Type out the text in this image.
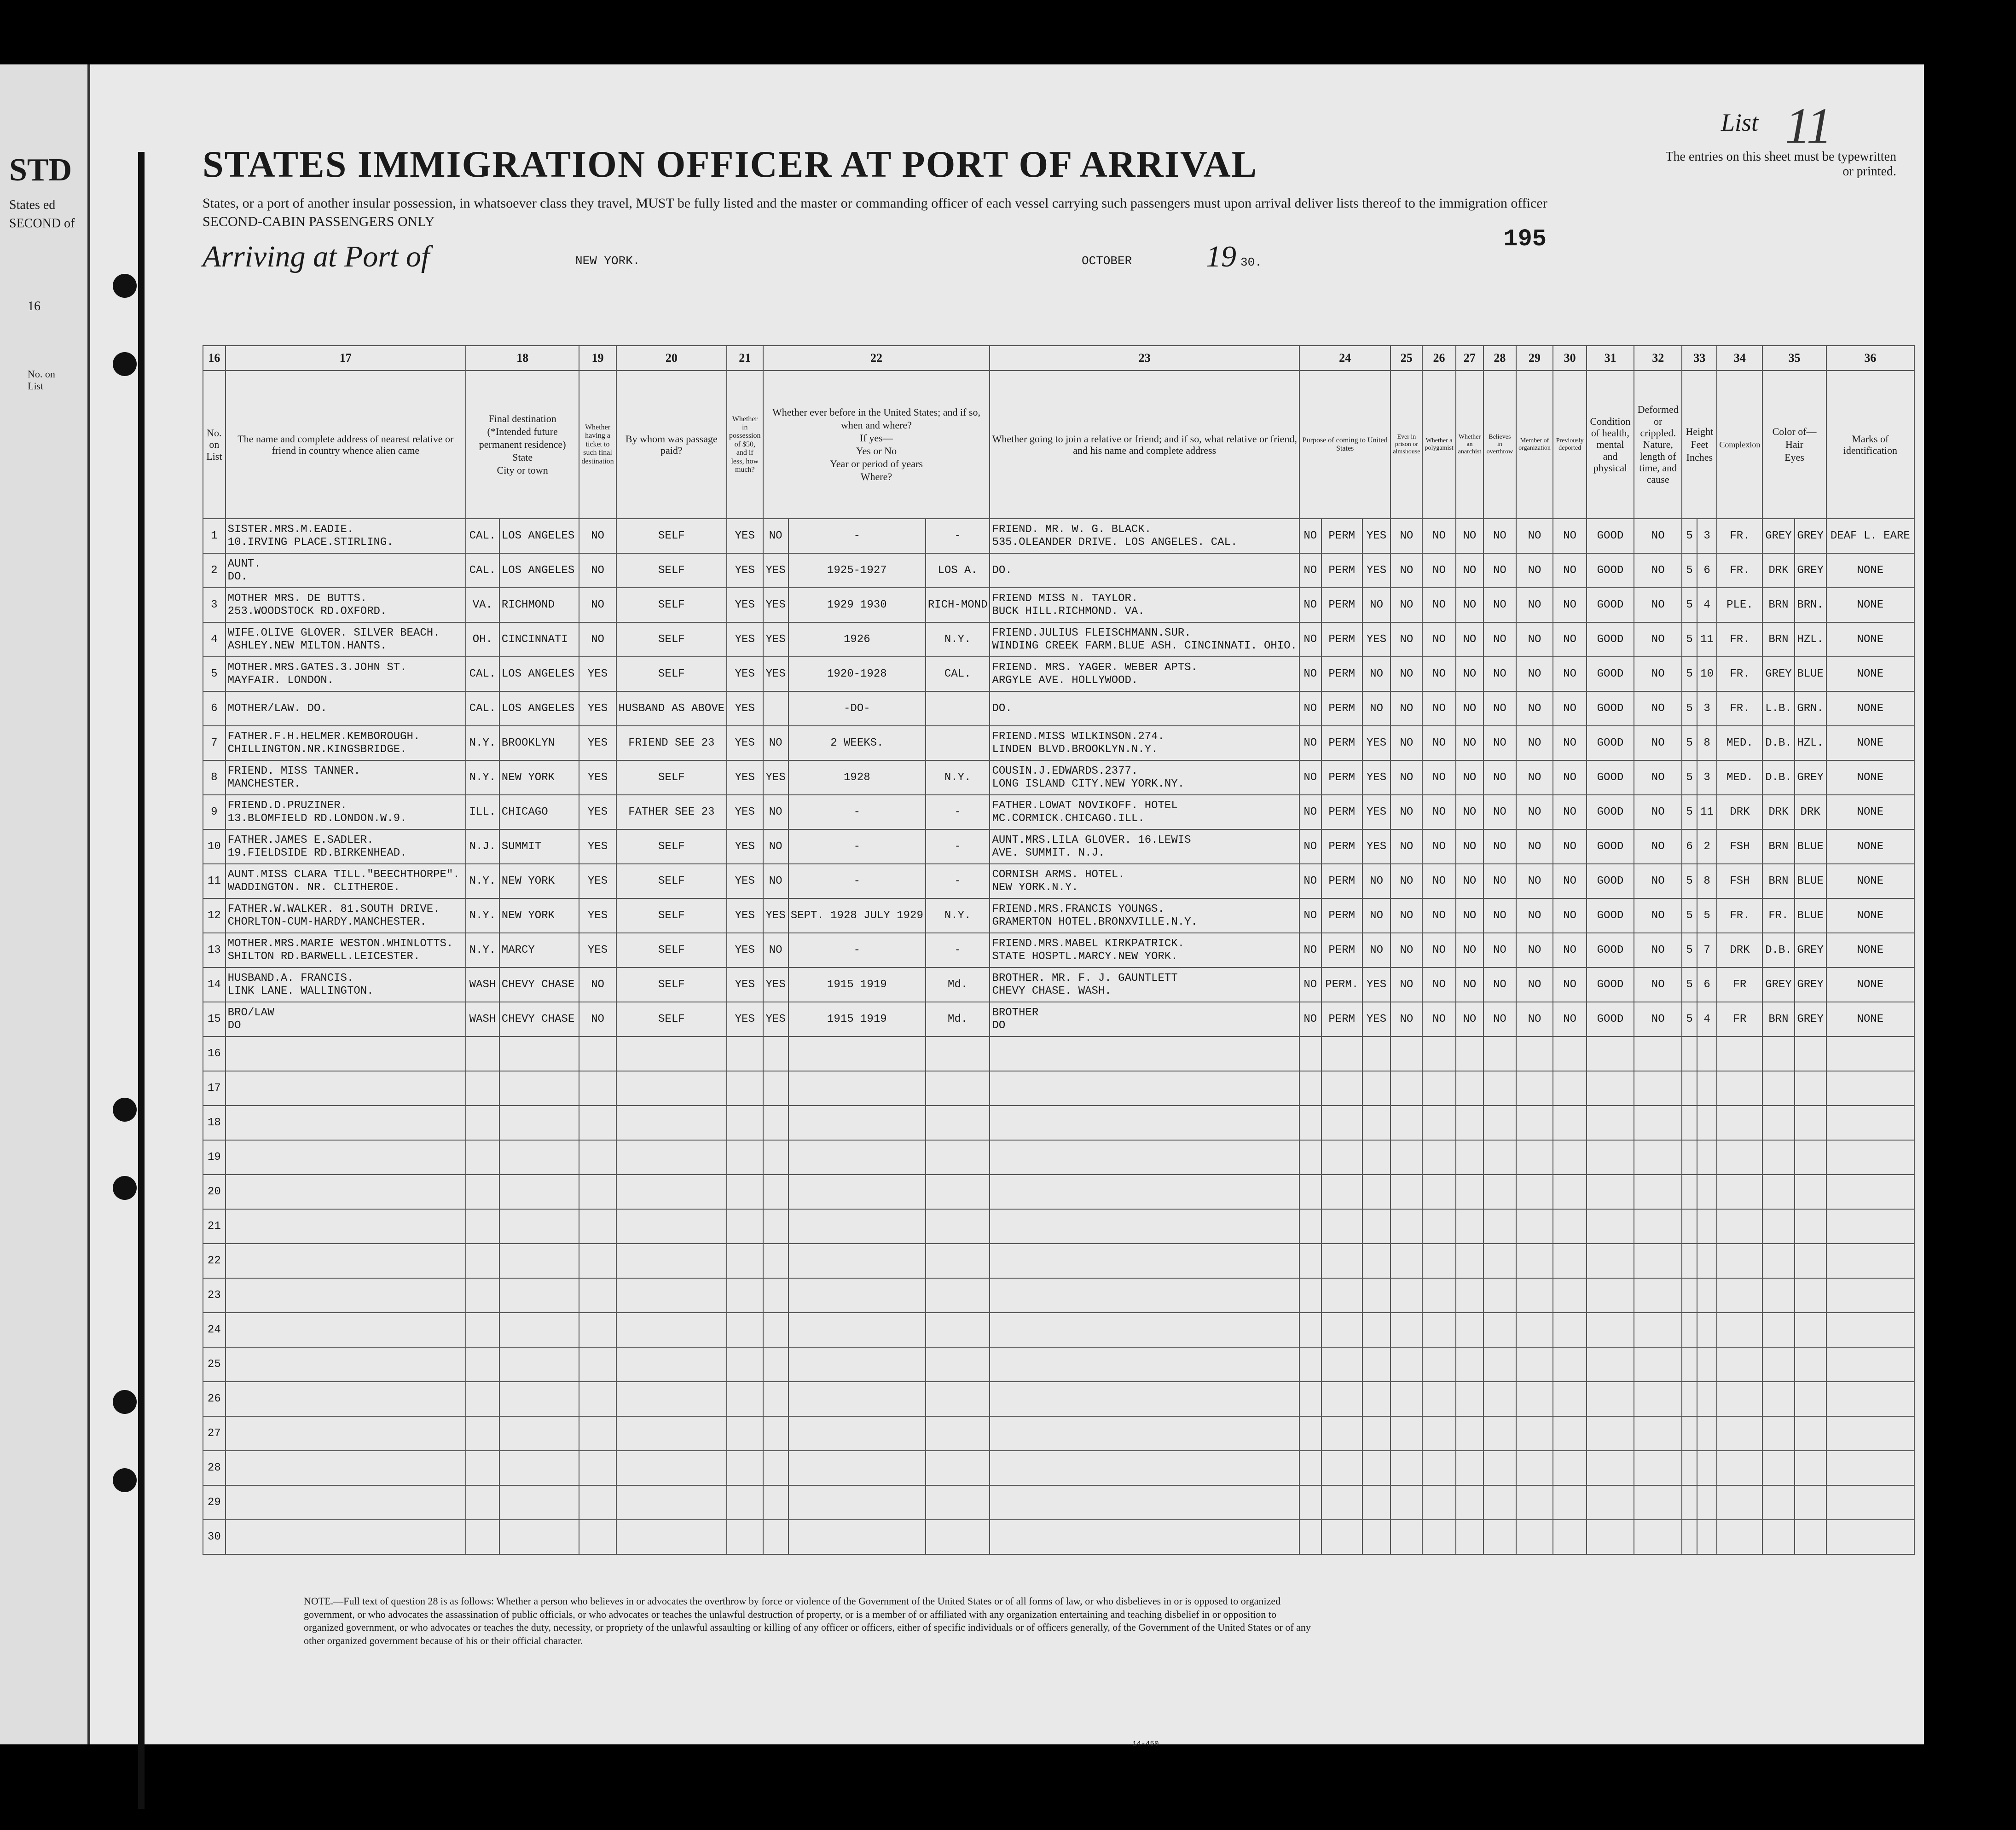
STD
States ed
SECOND of
16
No. on List
STATES IMMIGRATION OFFICER AT PORT OF ARRIVAL
States, or a port of another insular possession, in whatsoever class they travel, MUST be fully listed and the master or commanding officer of each vessel carrying such passengers must upon arrival deliver lists thereof to the immigration officer
SECOND-CABIN PASSENGERS ONLY
Arriving at Port of	NEW YORK.	OCTOBER 19 30.
List 11
The entries on this sheet must be typewritten or printed.
195
16	17	18		19	20	21	22			23	24			25	26	27	28	29	30	31	32	33		34	35		36
No. on List	The name and complete address of nearest relative or friend in country whence alien came	Final destination (*Intended future permanent residence)
State
City or town		Whether having a ticket to such final destination	By whom was passage paid?	Whether in possession of $50, and if less, how much?	Whether ever before in the United States; and if so, when and where?
If yes—
Yes or No
Year or period of years
Where?			Whether going to join a relative or friend; and if so, what relative or friend, and his name and complete address	Purpose of coming to United States			Ever in prison or almshouse	Whether a polygamist	Whether an anarchist	Believes in overthrow	Member of organization	Previously deported	Condition of health, mental and physical	Deformed or crippled. Nature, length of time, and cause	Height
Feet
Inches		Complexion	Color of—
Hair
Eyes		Marks of identification
1	SISTER.MRS.M.EADIE.
10.IRVING PLACE.STIRLING.	CAL.	LOS ANGELES	NO	SELF	YES	NO	-	-	FRIEND. MR. W. G. BLACK.
535.OLEANDER DRIVE. LOS ANGELES. CAL.	NO	PERM	YES	NO	NO	NO	NO	NO	NO	GOOD	NO	5	3	FR.	GREY	GREY	DEAF L. EARE
2	AUNT.
DO.	CAL.	LOS ANGELES	NO	SELF	YES	YES	1925-1927	LOS A.	DO.	NO	PERM	YES	NO	NO	NO	NO	NO	NO	GOOD	NO	5	6	FR.	DRK	GREY	NONE
3	MOTHER MRS. DE BUTTS.
253.WOODSTOCK RD.OXFORD.	VA.	RICHMOND	NO	SELF	YES	YES	1929 1930	RICH-MOND	FRIEND MISS N. TAYLOR.
BUCK HILL.RICHMOND. VA.	NO	PERM	NO	NO	NO	NO	NO	NO	NO	GOOD	NO	5	4	PLE.	BRN	BRN.	NONE
4	WIFE.OLIVE GLOVER. SILVER BEACH.
ASHLEY.NEW MILTON.HANTS.	OH.	CINCINNATI	NO	SELF	YES	YES	1926	N.Y.	FRIEND.JULIUS FLEISCHMANN.SUR.
WINDING CREEK FARM.BLUE ASH. CINCINNATI. OHIO.	NO	PERM	YES	NO	NO	NO	NO	NO	NO	GOOD	NO	5	11	FR.	BRN	HZL.	NONE
5	MOTHER.MRS.GATES.3.JOHN ST.
MAYFAIR. LONDON.	CAL.	LOS ANGELES	YES	SELF	YES	YES	1920-1928	CAL.	FRIEND. MRS. YAGER. WEBER APTS.
ARGYLE AVE. HOLLYWOOD.	NO	PERM	NO	NO	NO	NO	NO	NO	NO	GOOD	NO	5	10	FR.	GREY	BLUE	NONE
6	MOTHER/LAW. DO.	CAL.	LOS ANGELES	YES	HUSBAND AS ABOVE	YES		-DO-		DO.	NO	PERM	NO	NO	NO	NO	NO	NO	NO	GOOD	NO	5	3	FR.	L.B.	GRN.	NONE
7	FATHER.F.H.HELMER.KEMBOROUGH.
CHILLINGTON.NR.KINGSBRIDGE.	N.Y.	BROOKLYN	YES	FRIEND SEE 23	YES	NO	2 WEEKS.		FRIEND.MISS WILKINSON.274.
LINDEN BLVD.BROOKLYN.N.Y.	NO	PERM	YES	NO	NO	NO	NO	NO	NO	GOOD	NO	5	8	MED.	D.B.	HZL.	NONE
8	FRIEND. MISS TANNER.
MANCHESTER.	N.Y.	NEW YORK	YES	SELF	YES	YES	1928	N.Y.	COUSIN.J.EDWARDS.2377.
LONG ISLAND CITY.NEW YORK.NY.	NO	PERM	YES	NO	NO	NO	NO	NO	NO	GOOD	NO	5	3	MED.	D.B.	GREY	NONE
9	FRIEND.D.PRUZINER.
13.BLOMFIELD RD.LONDON.W.9.	ILL.	CHICAGO	YES	FATHER SEE 23	YES	NO	-	-	FATHER.LOWAT NOVIKOFF. HOTEL
MC.CORMICK.CHICAGO.ILL.	NO	PERM	YES	NO	NO	NO	NO	NO	NO	GOOD	NO	5	11	DRK	DRK	DRK	NONE
10	FATHER.JAMES E.SADLER.
19.FIELDSIDE RD.BIRKENHEAD.	N.J.	SUMMIT	YES	SELF	YES	NO	-	-	AUNT.MRS.LILA GLOVER. 16.LEWIS
AVE. SUMMIT. N.J.	NO	PERM	YES	NO	NO	NO	NO	NO	NO	GOOD	NO	6	2	FSH	BRN	BLUE	NONE
11	AUNT.MISS CLARA TILL."BEECHTHORPE".
WADDINGTON. NR. CLITHEROE.	N.Y.	NEW YORK	YES	SELF	YES	NO	-	-	CORNISH ARMS. HOTEL.
NEW YORK.N.Y.	NO	PERM	NO	NO	NO	NO	NO	NO	NO	GOOD	NO	5	8	FSH	BRN	BLUE	NONE
12	FATHER.W.WALKER. 81.SOUTH DRIVE.
CHORLTON-CUM-HARDY.MANCHESTER.	N.Y.	NEW YORK	YES	SELF	YES	YES	SEPT. 1928 JULY 1929	N.Y.	FRIEND.MRS.FRANCIS YOUNGS.
GRAMERTON HOTEL.BRONXVILLE.N.Y.	NO	PERM	NO	NO	NO	NO	NO	NO	NO	GOOD	NO	5	5	FR.	FR.	BLUE	NONE
13	MOTHER.MRS.MARIE WESTON.WHINLOTTS.
SHILTON RD.BARWELL.LEICESTER.	N.Y.	MARCY	YES	SELF	YES	NO	-	-	FRIEND.MRS.MABEL KIRKPATRICK.
STATE HOSPTL.MARCY.NEW YORK.	NO	PERM	NO	NO	NO	NO	NO	NO	NO	GOOD	NO	5	7	DRK	D.B.	GREY	NONE
14	HUSBAND.A. FRANCIS.
LINK LANE. WALLINGTON.	WASH	CHEVY CHASE	NO	SELF	YES	YES	1915 1919	Md.	BROTHER. MR. F. J. GAUNTLETT
CHEVY CHASE. WASH.	NO	PERM.	YES	NO	NO	NO	NO	NO	NO	GOOD	NO	5	6	FR	GREY	GREY	NONE
15	BRO/LAW
DO	WASH	CHEVY CHASE	NO	SELF	YES	YES	1915 1919	Md.	BROTHER
DO	NO	PERM	YES	NO	NO	NO	NO	NO	NO	GOOD	NO	5	4	FR	BRN	GREY	NONE
16																											
17																											
18																											
19																											
20																											
21																											
22																											
23																											
24																											
25																											
26																											
27																											
28																											
29																											
30																											
NOTE.—Full text of question 28 is as follows: Whether a person who believes in or advocates the overthrow by force or violence of the Government of the United States or of all forms of law, or who disbelieves in or is opposed to organized government, or who advocates the assassination of public officials, or who advocates or teaches the unlawful destruction of property, or is a member of or affiliated with any organization entertaining and teaching disbelief in or opposition to organized government, or who advocates or teaches the duty, necessity, or propriety of the unlawful assaulting or killing of any officer or officers, either of specific individuals or of officers generally, of the Government of the United States or of any other organized government because of his or their official character.
14-450
